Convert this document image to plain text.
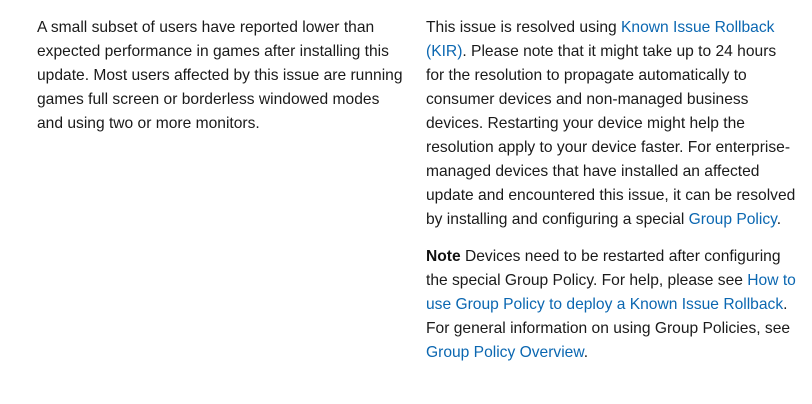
A small subset of users have reported lower than expected performance in games after installing this update. Most users affected by this issue are running games full screen or borderless windowed modes and using two or more monitors.

This issue is resolved using Known Issue Rollback (KIR). Please note that it might take up to 24 hours for the resolution to propagate automatically to consumer devices and non-managed business devices. Restarting your device might help the resolution apply to your device faster. For enterprise-managed devices that have installed an affected update and encountered this issue, it can be resolved by installing and configuring a special Group Policy.

Note Devices need to be restarted after configuring the special Group Policy. For help, please see How to use Group Policy to deploy a Known Issue Rollback. For general information on using Group Policies, see Group Policy Overview.
